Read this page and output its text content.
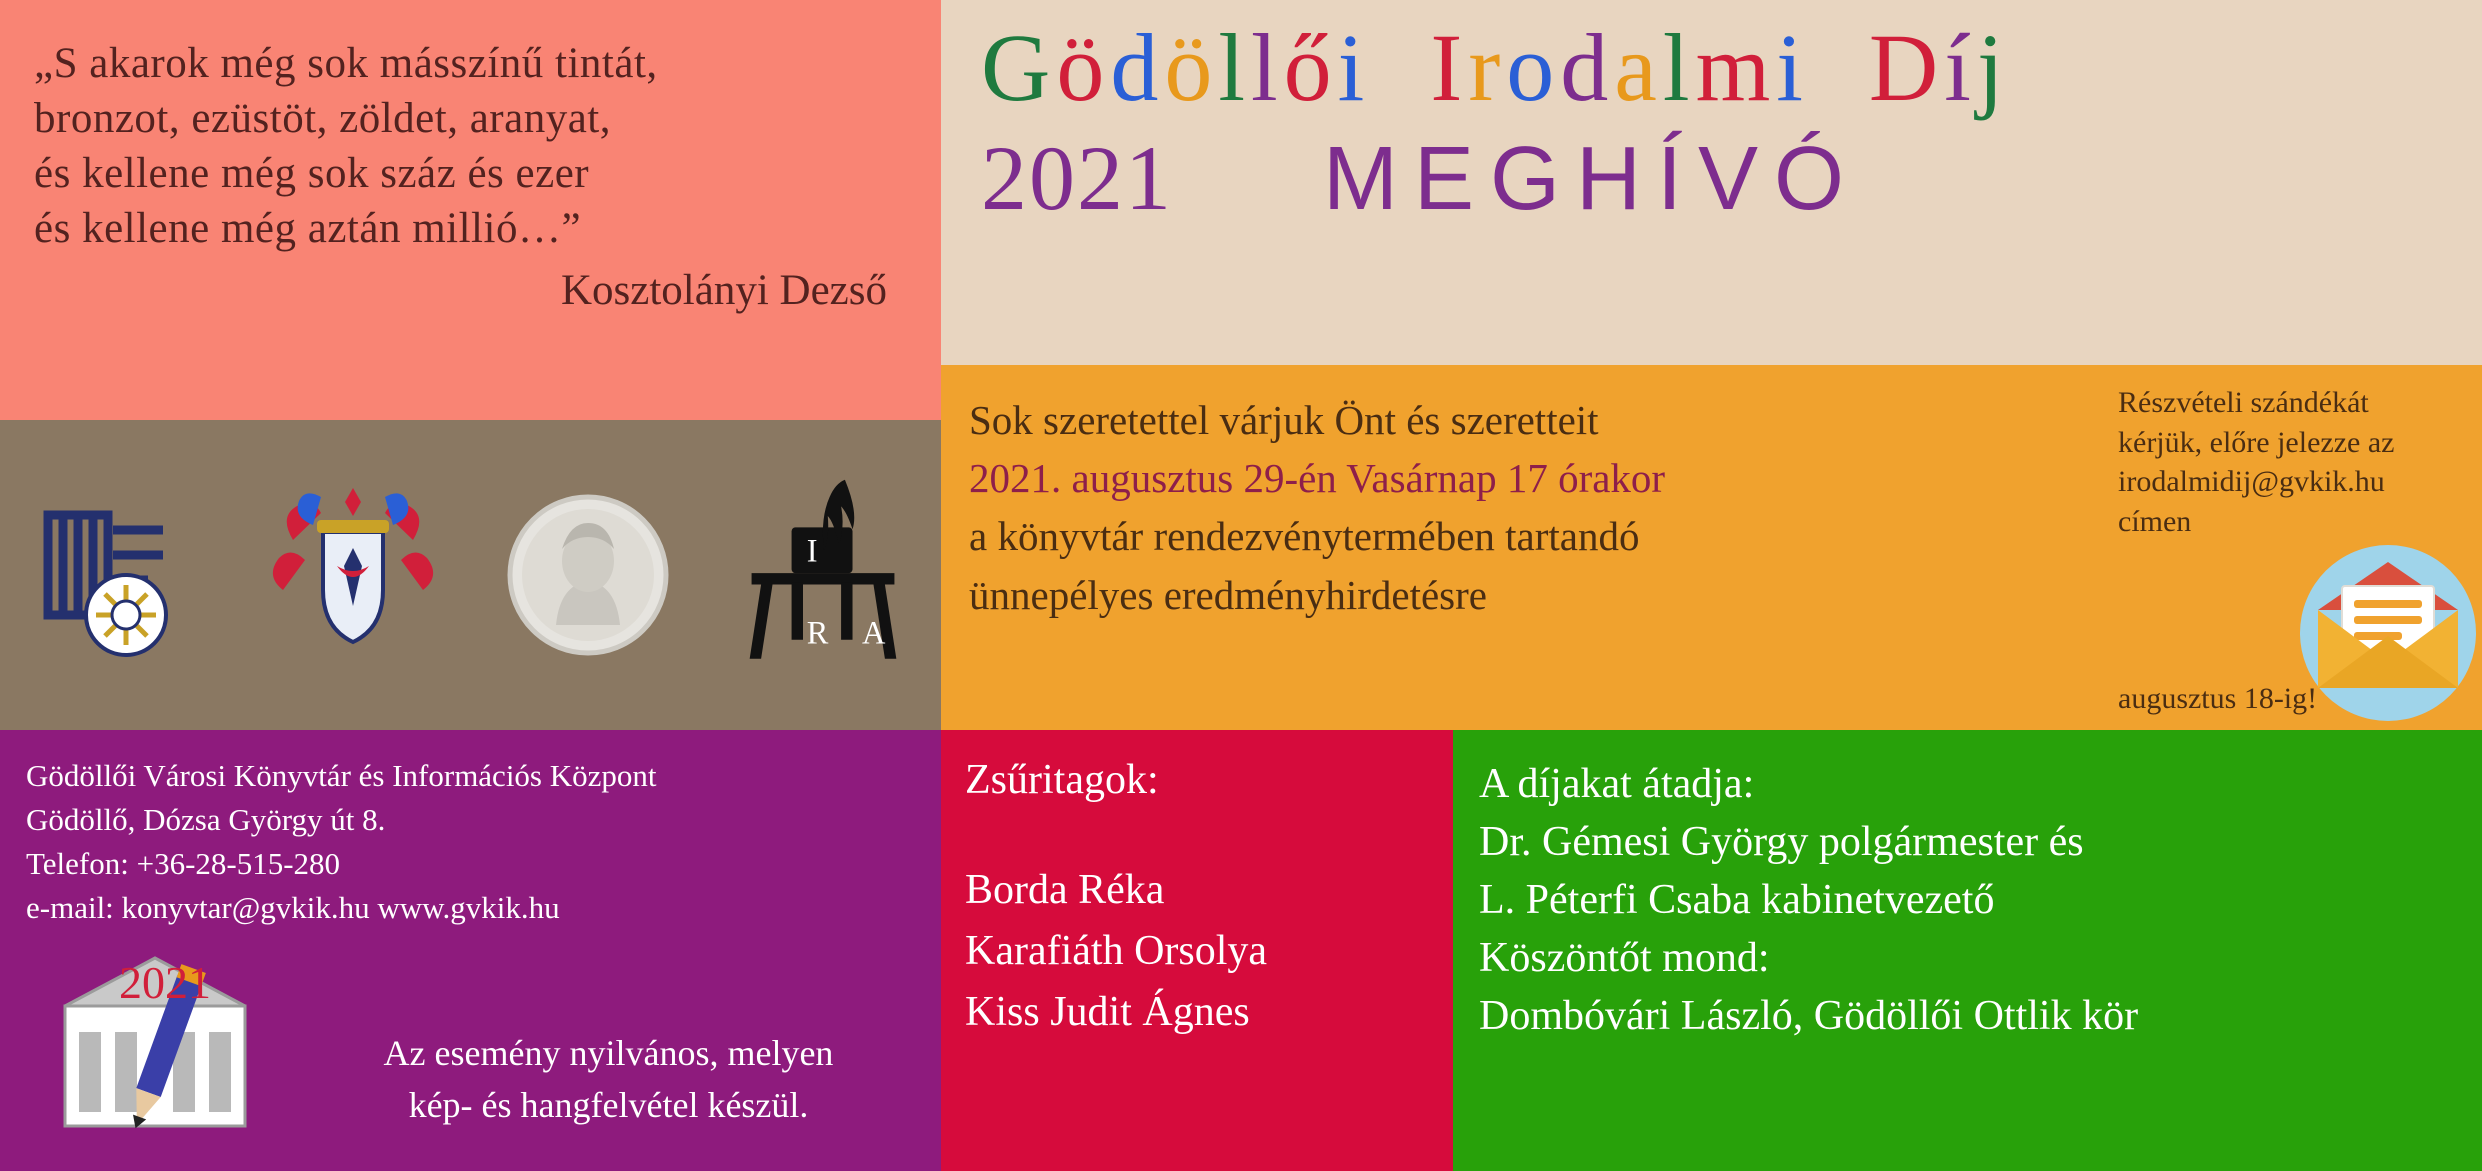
„S akarok még sok másszínű tintát,
bronzot, ezüstöt, zöldet, aranyat,
és kellene még sok száz és ezer
és kellene még aztán millió…”
Kosztolányi Dezső
Gödöllői Irodalmi Díj
2021 MEGHÍVÓ
I
A
R
Sok szeretettel várjuk Önt és szeretteit
2021. augusztus 29-én Vasárnap 17 órakor
a könyvtár rendezvénytermében tartandó
ünnepélyes eredményhirdetésre
Részvételi szándékát
kérjük, előre jelezze az
irodalmidij@gvkik.hu
címen
augusztus 18-ig!
Gödöllői Városi Könyvtár és Információs Központ
Gödöllő, Dózsa György út 8.
Telefon: +36-28-515-280
e-mail: konyvtar@gvkik.hu www.gvkik.hu
2021
Az esemény nyilvános, melyen
kép- és hangfelvétel készül.
Zsűritagok:
Borda Réka
Karafiáth Orsolya
Kiss Judit Ágnes
A díjakat átadja:
Dr. Gémesi György polgármester és
L. Péterfi Csaba kabinetvezető
Köszöntőt mond:
Dombóvári László, Gödöllői Ottlik kör
